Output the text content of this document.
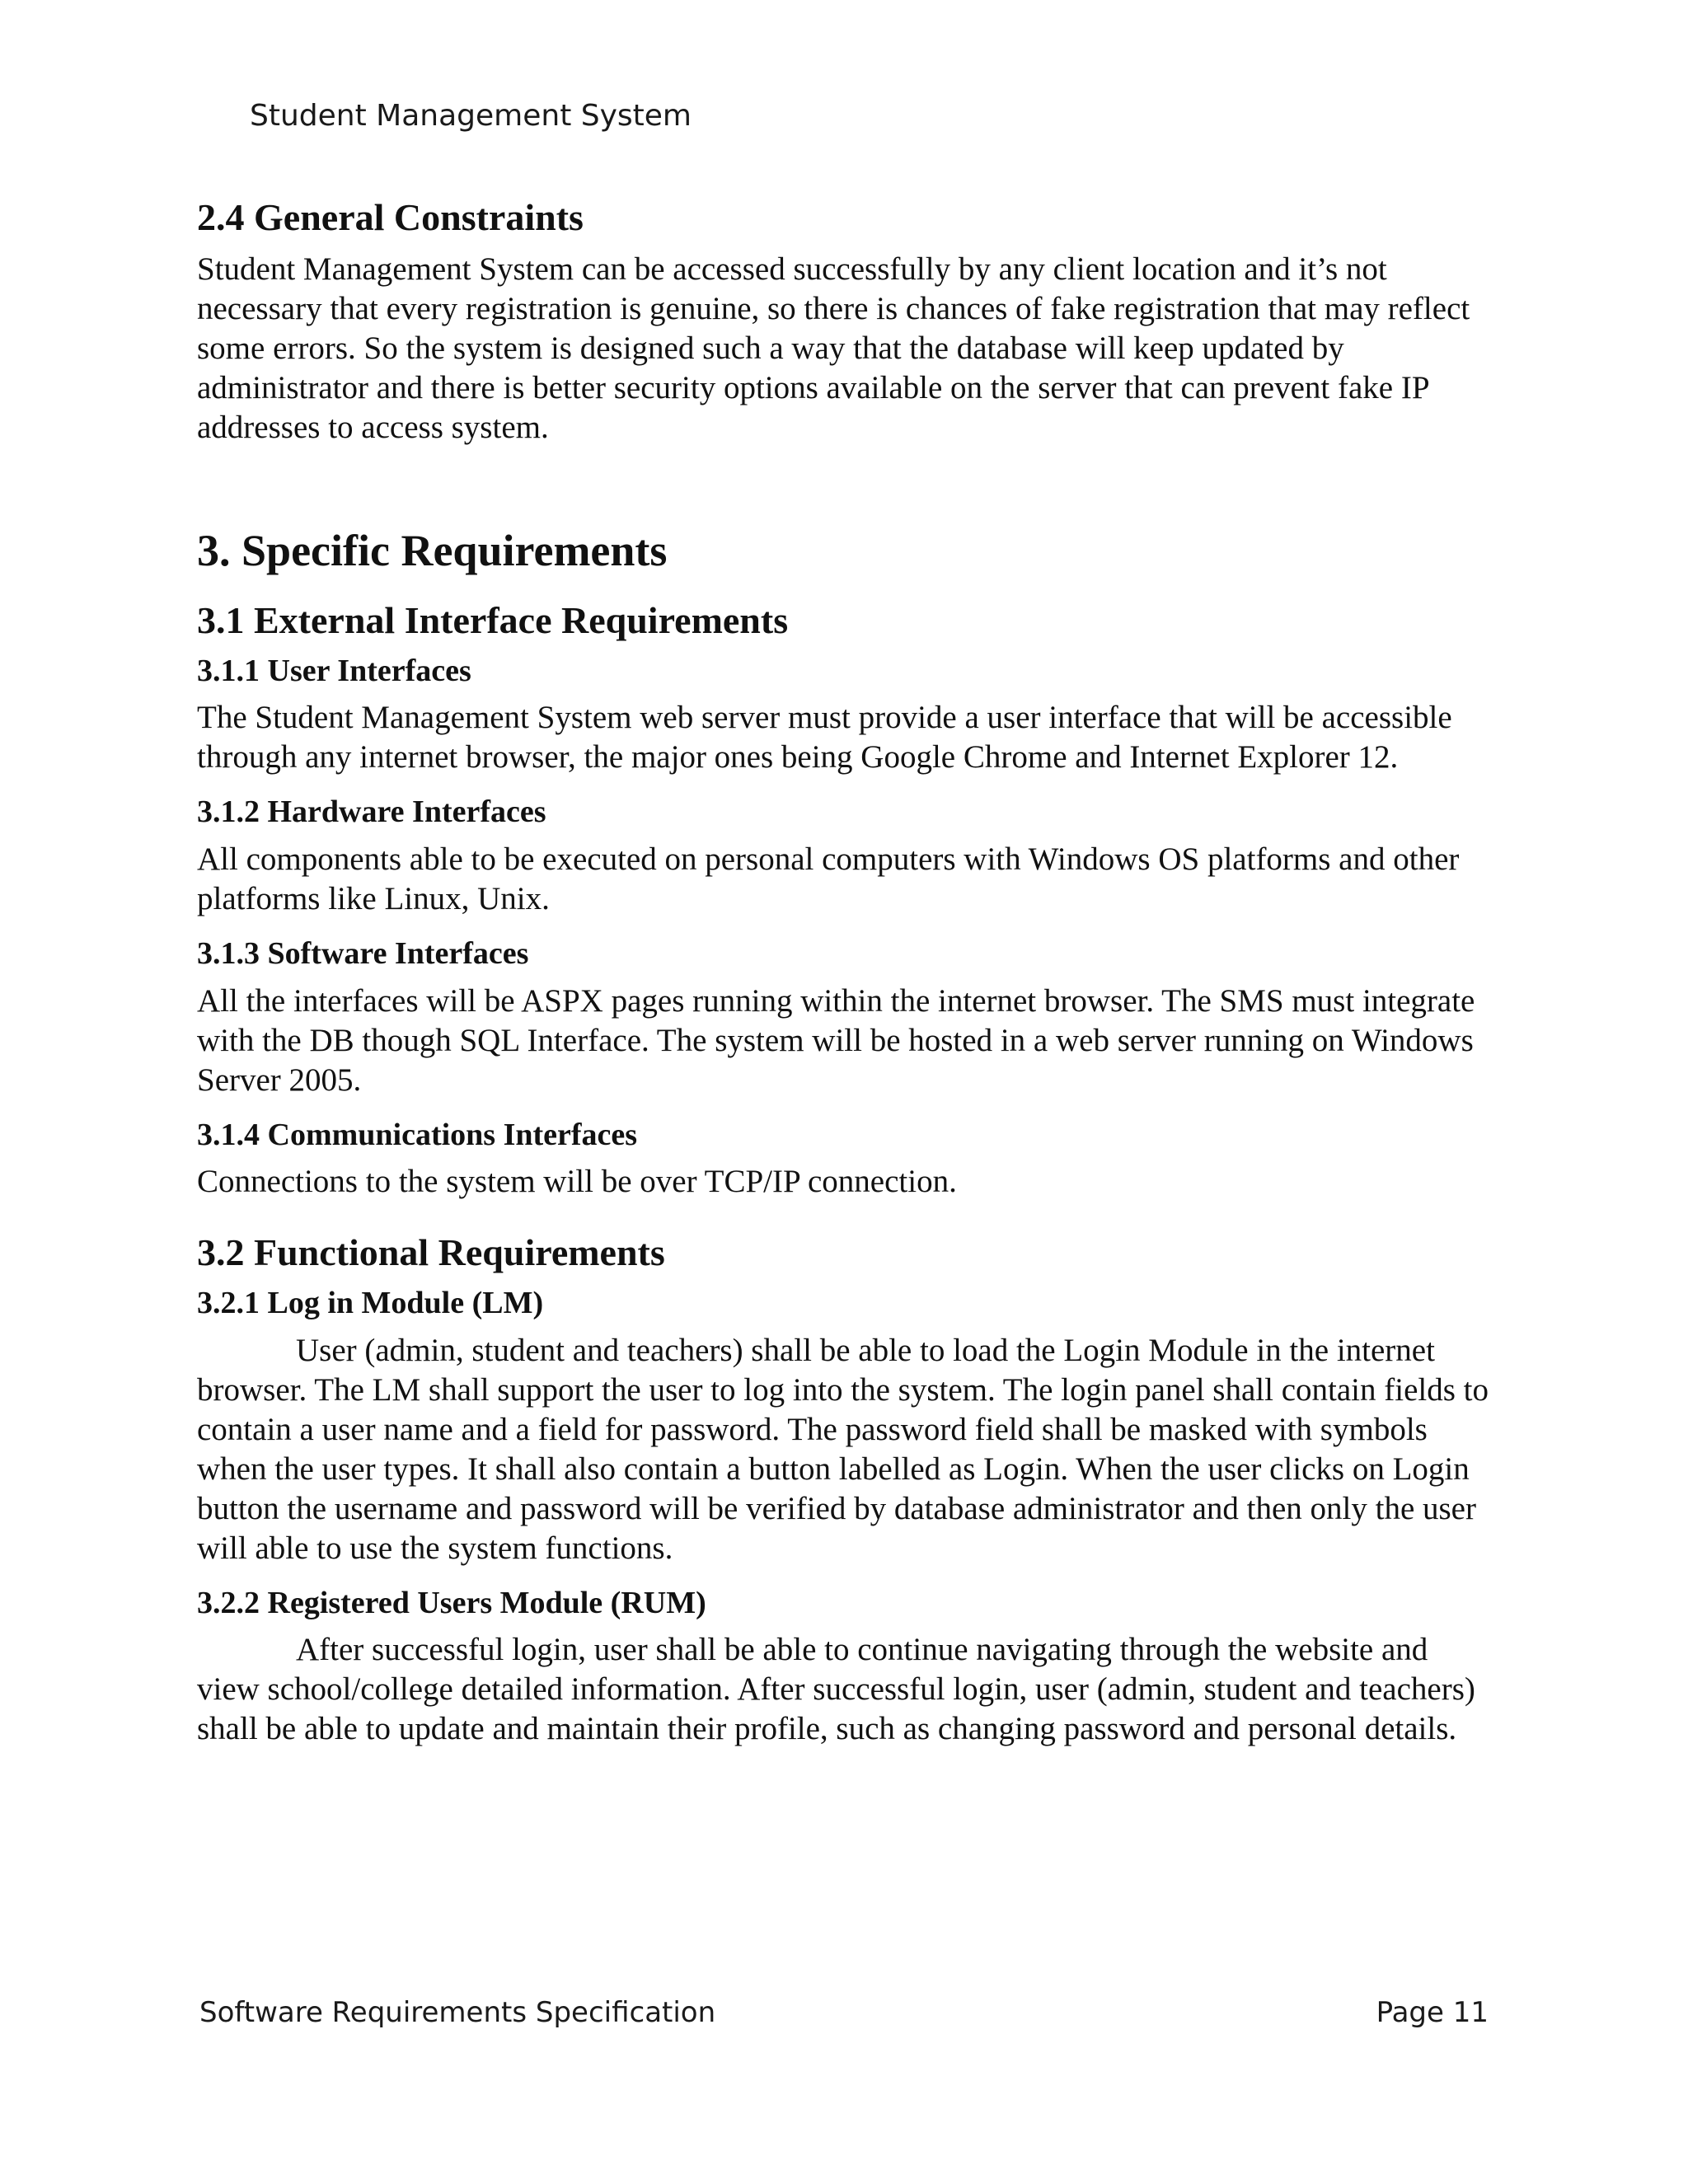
Student Management System
2.4 General Constraints

Student Management System can be accessed successfully by any client location and it’s not necessary that every registration is genuine, so there is chances of fake registration that may reflect some errors. So the system is designed such a way that the database will keep updated by administrator and there is better security options available on the server that can prevent fake IP addresses to access system.

3. Specific Requirements
3.1 External Interface Requirements
3.1.1 User Interfaces

The Student Management System web server must provide a user interface that will be accessible through any internet browser, the major ones being Google Chrome and Internet Explorer 12.

3.1.2 Hardware Interfaces

All components able to be executed on personal computers with Windows OS platforms and other platforms like Linux, Unix.

3.1.3 Software Interfaces

All the interfaces will be ASPX pages running within the internet browser. The SMS must integrate with the DB though SQL Interface. The system will be hosted in a web server running on Windows Server 2005.

3.1.4 Communications Interfaces

Connections to the system will be over TCP/IP connection.

3.2 Functional Requirements
3.2.1 Log in Module (LM)

User (admin, student and teachers) shall be able to load the Login Module in the internet browser. The LM shall support the user to log into the system. The login panel shall contain fields to contain a user name and a field for password. The password field shall be masked with symbols when the user types. It shall also contain a button labelled as Login. When the user clicks on Login button the username and password will be verified by database administrator and then only the user will able to use the system functions.

3.2.2 Registered Users Module (RUM)

After successful login, user shall be able to continue navigating through the website and view school/college detailed information. After successful login, user (admin, student and teachers) shall be able to update and maintain their profile, such as changing password and personal details.

Software Requirements Specification	Page 11
